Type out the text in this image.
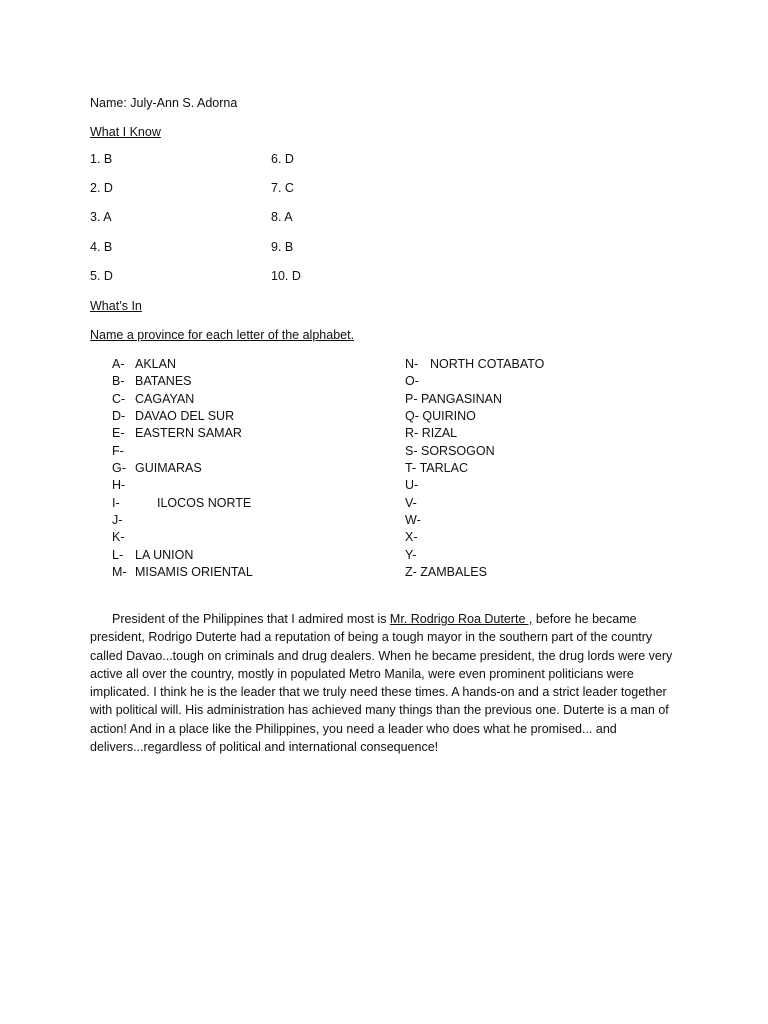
Name: July-Ann S. Adorna
What I Know
1. B	6. D
2. D	7. C
3. A	8. A
4. B	9. B
5. D	10. D
What’s In
Name a province for each letter of the alphabet.
A- AKLAN
B- BATANES
C- CAGAYAN
D- DAVAO DEL SUR
E- EASTERN SAMAR
F-
G- GUIMARAS
H-
I-	ILOCOS NORTE
J-
K-
L- LA UNION
M- MISAMIS ORIENTAL
N- NORTH COTABATO
O-
P- PANGASINAN
Q- QUIRINO
R- RIZAL
S- SORSOGON
T- TARLAC
U-
V-
W-
X-
Y-
Z- ZAMBALES
President of the Philippines that I admired most is Mr. Rodrigo Roa Duterte , before he became president, Rodrigo Duterte had a reputation of being a tough mayor in the southern part of the country called Davao...tough on criminals and drug dealers. When he became president, the drug lords were very active all over the country, mostly in populated Metro Manila, were even prominent politicians were implicated. I think he is the leader that we truly need these times. A hands-on and a strict leader together with political will. His administration has achieved many things than the previous one. Duterte is a man of action! And in a place like the Philippines, you need a leader who does what he promised... and delivers...regardless of political and international consequence!
